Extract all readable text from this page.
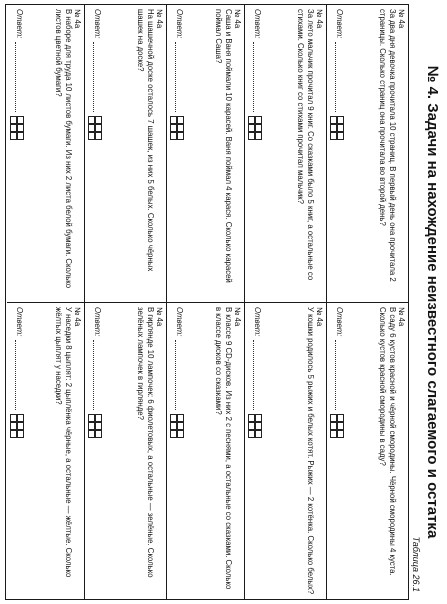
№ 4. Задачи на нахождение неизвестного слагаемого и остатка
Таблица 26.1
№ 4а
За два дня девочка прочитала 10 страниц. В первый день она прочитала 2 страницы. Сколько страниц она прочитала во второй день?
Ответ:
№ 4а
В саду 6 кустов красной и чёрной смородины. Чёрной смородины 4 куста. Сколько кустов красной смородины в саду?
Ответ:
№ 4а
За лето мальчик прочитал 9 книг. Со сказками было 5 книг, а остальные со стихами. Сколько книг со стихами прочитал мальчик?
Ответ:
№ 4а
У кошки родилось 5 рыжих и белых котят. Рыжих — 2 котёнка. Сколько белых?
Ответ:
№ 4а
Саша и Ваня поймали 10 карасей. Ваня поймал 4 карася. Сколько карасей поймал Саша?
Ответ:
№ 4а
В классе 9 CD-дисков. Из них 2 с песнями, а остальные со сказками. Сколько в классе дисков со сказками?
Ответ:
№ 4а
На шашечной доске осталось 7 шашек, из них 5 белых. Сколько чёрных шашек на доске?
Ответ:
№ 4а
В гирлянде 10 лампочек: 6 фиолетовых, а остальные — зелёные. Сколько зелёных лампочек в гирлянде?
Ответ:
№ 4а
В наборе для труда 10 листов бумаги. Из них 2 листа белой бумаги. Сколько листов цветной бумаги?
Ответ:
№ 4а
У наседки 8 цыплят: 2 цыплёнка чёрные, а остальные — жёлтые. Сколько жёлтых цыплят у наседки?
Ответ:
